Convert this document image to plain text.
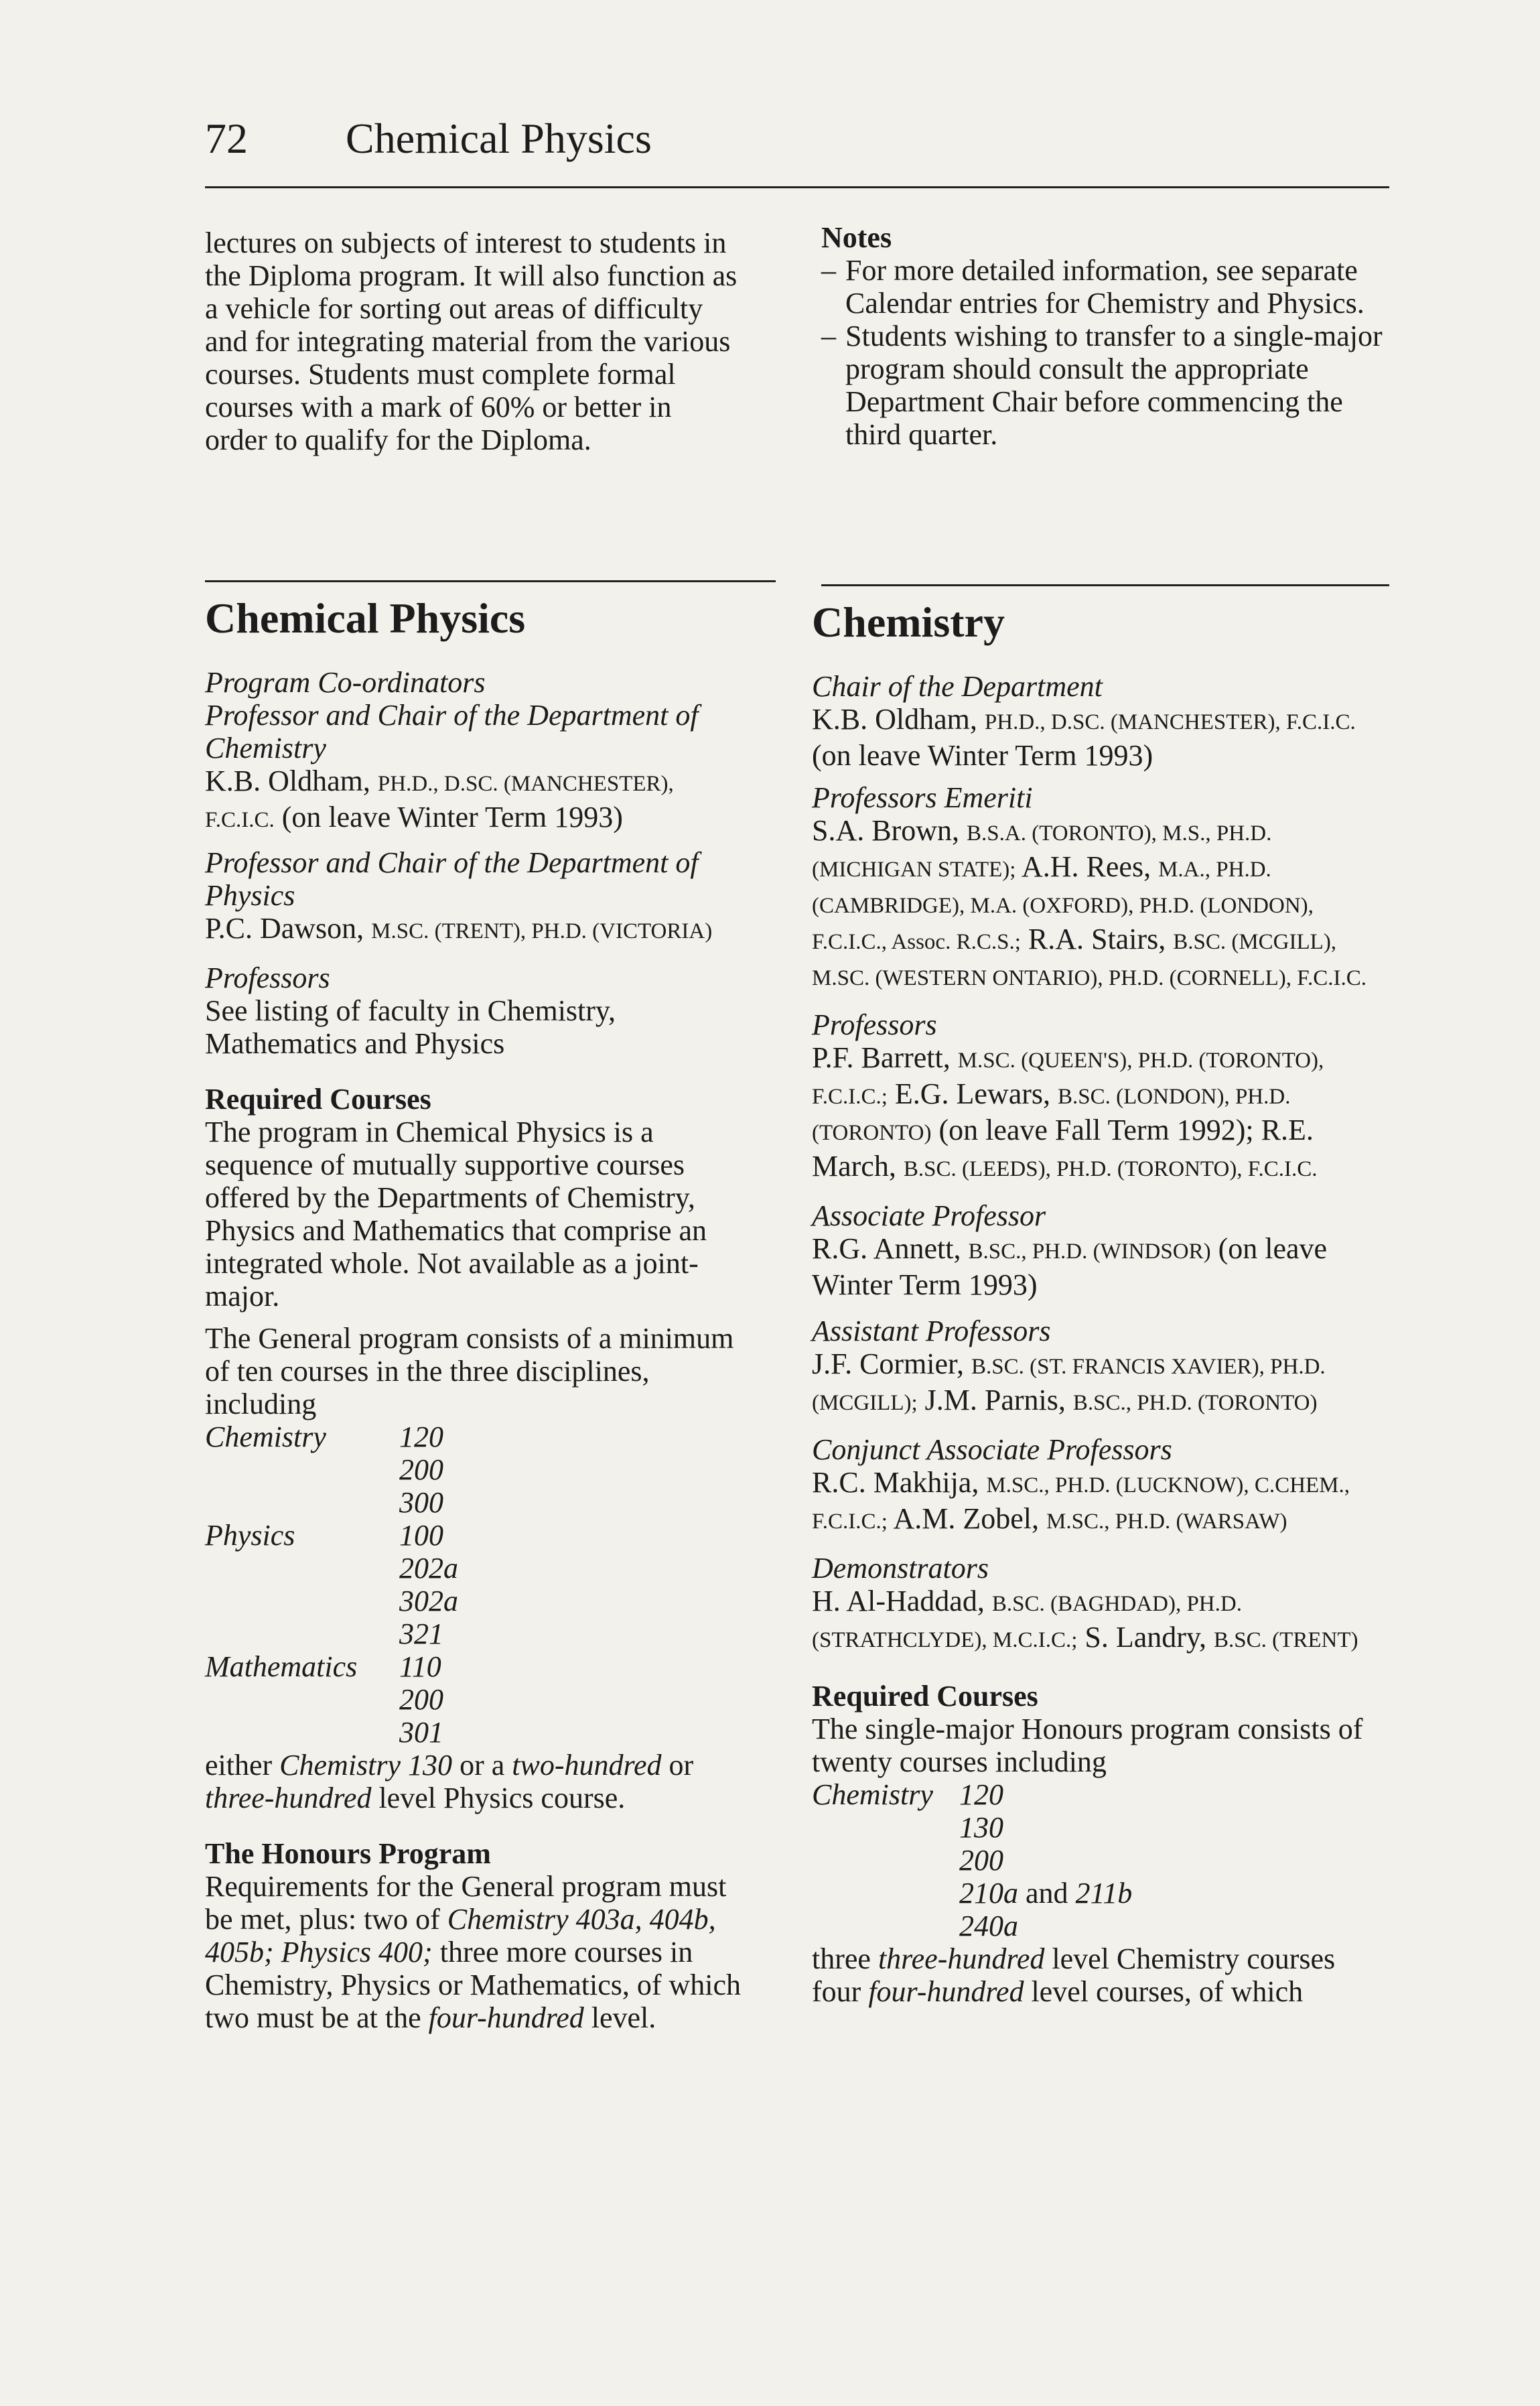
72 Chemical Physics

lectures on subjects of interest to students in the Diploma program. It will also function as a vehicle for sorting out areas of difficulty and for integrating material from the various courses. Students must complete formal courses with a mark of 60% or better in order to qualify for the Diploma.

Chemical Physics

Program Co-ordinators

Professor and Chair of the Department of Chemistry

K.B. Oldham, PH.D., D.SC. (MANCHESTER), F.C.I.C. (on leave Winter Term 1993)

Professor and Chair of the Department of Physics

P.C. Dawson, M.SC. (TRENT), PH.D. (VICTORIA)

Professors

See listing of faculty in Chemistry, Mathematics and Physics

Required Courses

The program in Chemical Physics is a sequence of mutually supportive courses offered by the Departments of Chemistry, Physics and Mathematics that comprise an integrated whole. Not available as a joint-major.

The General program consists of a minimum of ten courses in the three disciplines, including

Chemistry	120
200
300
Physics	100
202a
302a
321
Mathematics	110
200
301

either Chemistry 130 or a two-hundred or three-hundred level Physics course.

The Honours Program

Requirements for the General program must be met, plus: two of Chemistry 403a, 404b, 405b; Physics 400; three more courses in Chemistry, Physics or Mathematics, of which two must be at the four-hundred level.

Notes

– For more detailed information, see separate Calendar entries for Chemistry and Physics.
– Students wishing to transfer to a single-major program should consult the appropriate Department Chair before commencing the third quarter.

Chemistry

Chair of the Department

K.B. Oldham, PH.D., D.SC. (MANCHESTER), F.C.I.C. (on leave Winter Term 1993)

Professors Emeriti

S.A. Brown, B.S.A. (TORONTO), M.S., PH.D. (MICHIGAN STATE); A.H. Rees, M.A., PH.D. (CAMBRIDGE), M.A. (OXFORD), PH.D. (LONDON), F.C.I.C., Assoc. R.C.S.; R.A. Stairs, B.SC. (MCGILL), M.SC. (WESTERN ONTARIO), PH.D. (CORNELL), F.C.I.C.

Professors

P.F. Barrett, M.SC. (QUEEN'S), PH.D. (TORONTO), F.C.I.C.; E.G. Lewars, B.SC. (LONDON), PH.D. (TORONTO) (on leave Fall Term 1992); R.E. March, B.SC. (LEEDS), PH.D. (TORONTO), F.C.I.C.

Associate Professor

R.G. Annett, B.SC., PH.D. (WINDSOR) (on leave Winter Term 1993)

Assistant Professors

J.F. Cormier, B.SC. (ST. FRANCIS XAVIER), PH.D. (MCGILL); J.M. Parnis, B.SC., PH.D. (TORONTO)

Conjunct Associate Professors

R.C. Makhija, M.SC., PH.D. (LUCKNOW), C.CHEM., F.C.I.C.; A.M. Zobel, M.SC., PH.D. (WARSAW)

Demonstrators

H. Al-Haddad, B.SC. (BAGHDAD), PH.D. (STRATHCLYDE), M.C.I.C.; S. Landry, B.SC. (TRENT)

Required Courses

The single-major Honours program consists of twenty courses including

Chemistry 120
130
200
210a and 211b
240a

three three-hundred level Chemistry courses

four four-hundred level courses, of which
